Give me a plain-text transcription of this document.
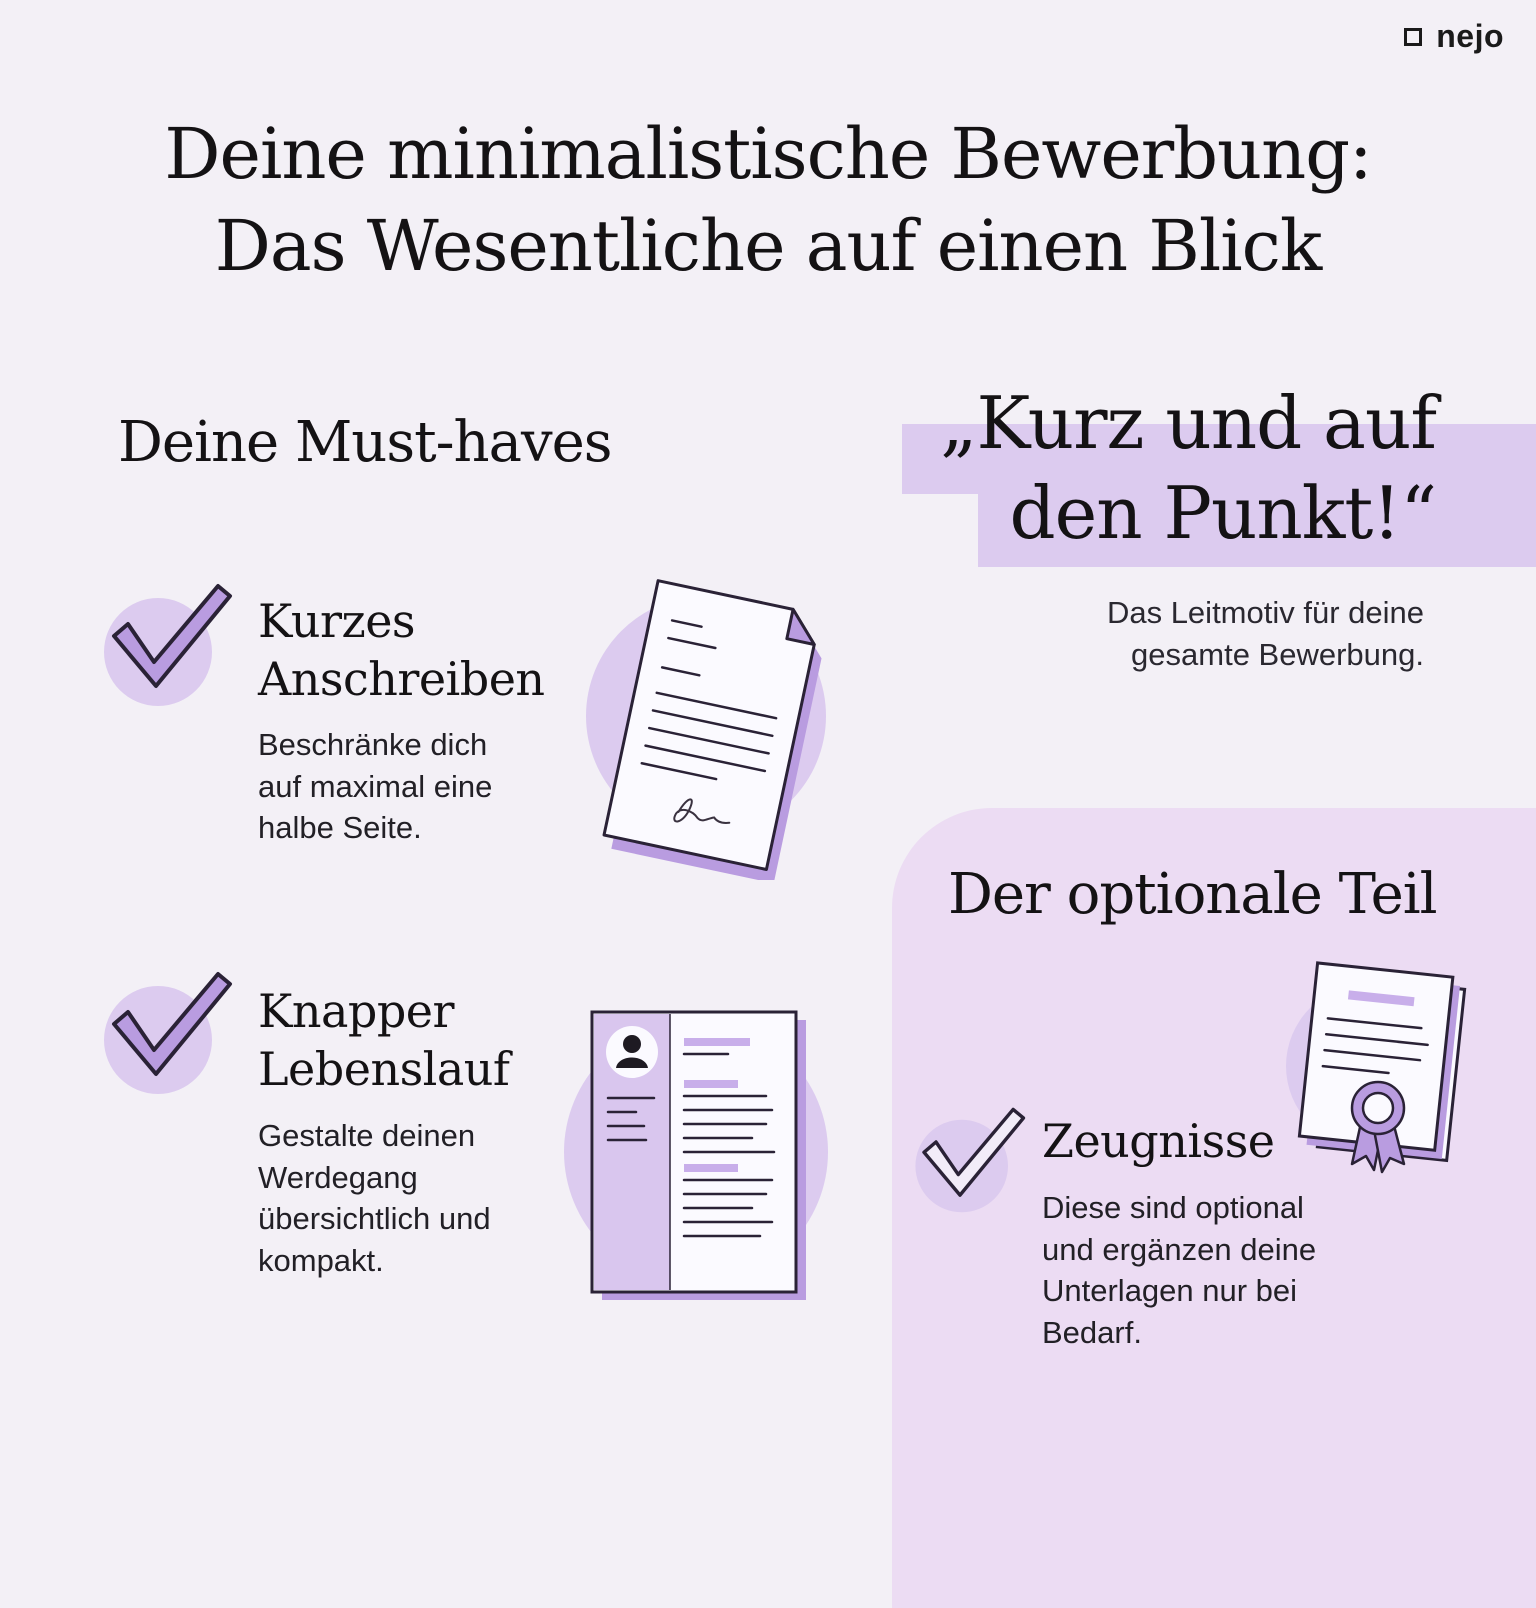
nejo
Deine minimalistische Bewerbung:
Das Wesentliche auf einen Blick
Deine Must-haves	„Kurz und auf
den Punkt!“
Das Leitmotiv für deine
gesamte Bewerbung.
Der optionale Teil
Kurzes
Anschreiben
Beschränke dich
auf maximal eine
halbe Seite.
Knapper
Lebenslauf
Gestalte deinen
Werdegang
übersichtlich und
kompakt.
Zeugnisse
Diese sind optional
und ergänzen deine
Unterlagen nur bei
Bedarf.
